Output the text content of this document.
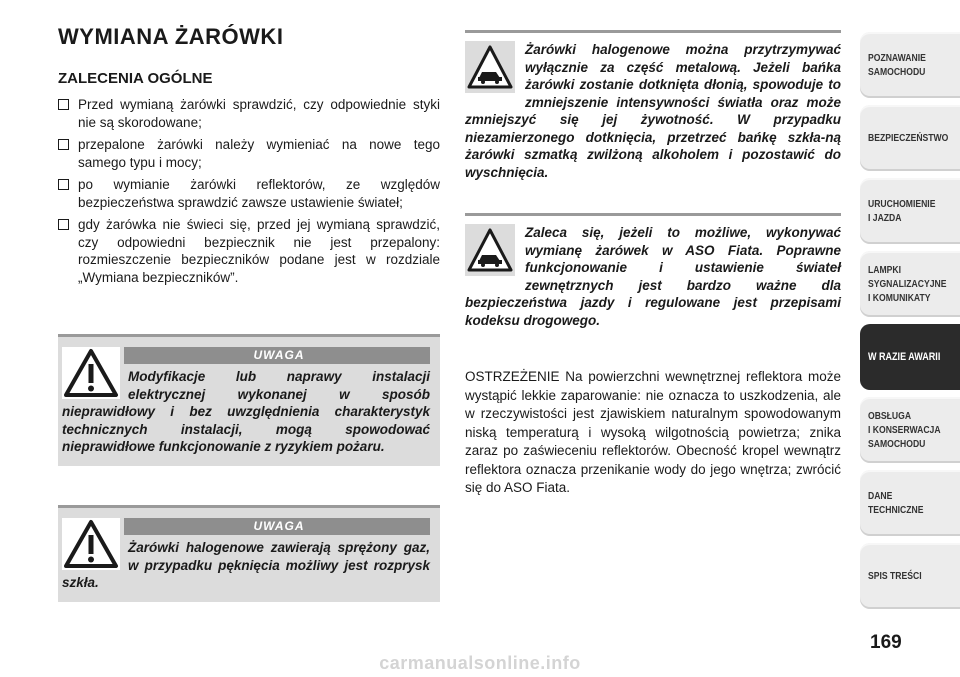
WYMIANA ŻARÓWKI
ZALECENIA OGÓLNE
Przed wymianą żarówki sprawdzić, czy odpowiednie styki nie są skorodowane;
przepalone żarówki należy wymieniać na nowe tego samego typu i mocy;
po wymianie żarówki reflektorów, ze względów bezpieczeństwa sprawdzić zawsze ustawienie świateł;
gdy żarówka nie świeci się, przed jej wymianą sprawdzić, czy odpowiedni bezpiecznik nie jest przepalony: rozmieszczenie bezpieczników podane jest w rozdziale „Wymiana bezpieczników”.
UWAGA
Modyfikacje lub naprawy instalacji elektrycznej wykonanej w sposób nieprawidłowy i bez uwzględnienia charakterystyk technicznych instalacji, mogą spowodować nieprawidłowe funkcjonowanie z ryzykiem pożaru.
UWAGA
Żarówki halogenowe zawierają sprężony gaz, w przypadku pęknięcia możliwy jest rozprysk szkła.
Żarówki halogenowe można przytrzymywać wyłącznie za część metalową. Jeżeli bańka żarówki zostanie dotknięta dłonią, spowoduje to zmniejszenie intensywności światła oraz może zmniejszyć się jej żywotność. W przypadku niezamierzonego dotknięcia, przetrzeć bańkę szkła-ną żarówki szmatką zwilżoną alkoholem i pozostawić do wyschnięcia.
Zaleca się, jeżeli to możliwe, wykonywać wymianę żarówek w ASO Fiata. Poprawne funkcjonowanie i ustawienie świateł zewnętrznych jest bardzo ważne dla bezpieczeństwa jazdy i regulowane jest przepisami kodeksu drogowego.
OSTRZEŻENIE Na powierzchni wewnętrznej reflektora może wystąpić lekkie zaparowanie: nie oznacza to uszkodzenia, ale w rzeczywistości jest zjawiskiem naturalnym spowodowanym niską temperaturą i wysoką wilgotnością powietrza; znika zaraz po zaświeceniu reflektorów. Obecność kropel wewnątrz reflektora oznacza przenikanie wody do jego wnętrza; zwrócić się do ASO Fiata.
POZNAWANIE
SAMOCHODU
BEZPIECZEŃSTWO
URUCHOMIENIE
I JAZDA
LAMPKI
SYGNALIZACYJNE
I KOMUNIKATY
W RAZIE AWARII
OBSŁUGA
I KONSERWACJA
SAMOCHODU
DANE
TECHNICZNE
SPIS TREŚCI
169
carmanualsonline.info
